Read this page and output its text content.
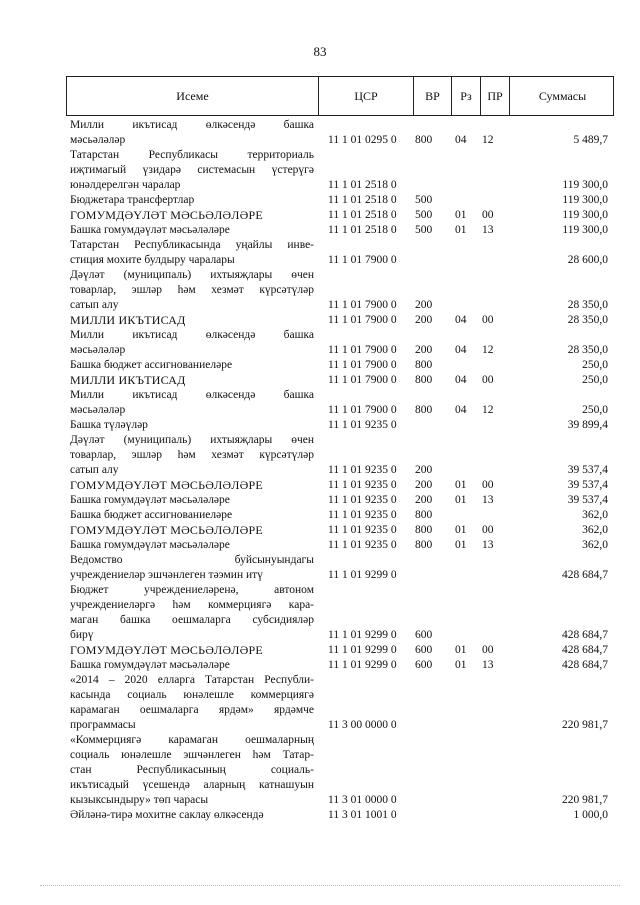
83
Исеме	ЦСР	ВР	Рз	ПР	Суммасы
Милли икътисад өлкәсендә башка
мәсьәләләр	11 1 01 0295 0	800	04	12	5 489,7
Татарстан Республикасы территориаль
иҗтимагый үзидарә системасын үстерүгә
юнәлдерелгән чаралар	11 1 01 2518 0	119 300,0
Бюджетара трансфертлар	11 1 01 2518 0	500	119 300,0
ГОМУМДӘҮЛӘТ МӘСЬӘЛӘЛӘРЕ	11 1 01 2518 0	500	01	00	119 300,0
Башка гомумдәүләт мәсьәләләре	11 1 01 2518 0	500	01	13	119 300,0
Татарстан Республикасында уңайлы инве-
стиция мохите булдыру чаралары	11 1 01 7900 0	28 600,0
Дәүләт (муниципаль) ихтыяҗлары өчен
товарлар, эшләр һәм хезмәт күрсәтүләр
сатып алу	11 1 01 7900 0	200	28 350,0
МИЛЛИ ИКЪТИСАД	11 1 01 7900 0	200	04	00	28 350,0
Милли икътисад өлкәсендә башка
мәсьәләләр	11 1 01 7900 0	200	04	12	28 350,0
Башка бюджет ассигнованиеләре	11 1 01 7900 0	800	250,0
МИЛЛИ ИКЪТИСАД	11 1 01 7900 0	800	04	00	250,0
Милли икътисад өлкәсендә башка
мәсьәләләр	11 1 01 7900 0	800	04	12	250,0
Башка түләүләр	11 1 01 9235 0	39 899,4
Дәүләт (муниципаль) ихтыяҗлары өчен
товарлар, эшләр һәм хезмәт күрсәтүләр
сатып алу	11 1 01 9235 0	200	39 537,4
ГОМУМДӘҮЛӘТ МӘСЬӘЛӘЛӘРЕ	11 1 01 9235 0	200	01	00	39 537,4
Башка гомумдәүләт мәсьәләләре	11 1 01 9235 0	200	01	13	39 537,4
Башка бюджет ассигнованиеләре	11 1 01 9235 0	800	362,0
ГОМУМДӘҮЛӘТ МӘСЬӘЛӘЛӘРЕ	11 1 01 9235 0	800	01	00	362,0
Башка гомумдәүләт мәсьәләләре	11 1 01 9235 0	800	01	13	362,0
Ведомство буйсынуындагы
учреждениеләр эшчәнлеген тәэмин итү	11 1 01 9299 0	428 684,7
Бюджет учреждениеләренә, автоном
учреждениеләргә һәм коммерциягә кара-
маган башка оешмаларга субсидияләр
бирү	11 1 01 9299 0	600	428 684,7
ГОМУМДӘҮЛӘТ МӘСЬӘЛӘЛӘРЕ	11 1 01 9299 0	600	01	00	428 684,7
Башка гомумдәүләт мәсьәләләре	11 1 01 9299 0	600	01	13	428 684,7
«2014 – 2020 елларга Татарстан Республи-
касында социаль юнәлешле коммерциягә
карамаган оешмаларга ярдәм» ярдәмче
программасы	11 3 00 0000 0	220 981,7
«Коммерциягә карамаган оешмаларның
социаль юнәлешле эшчәнлеген һәм Татар-
стан Республикасының социаль-
икътисадый үсешендә аларның катнашуын
кызыксындыру» төп чарасы	11 3 01 0000 0	220 981,7
Әйләнә-тирә мохитне саклау өлкәсендә	11 3 01 1001 0	1 000,0
